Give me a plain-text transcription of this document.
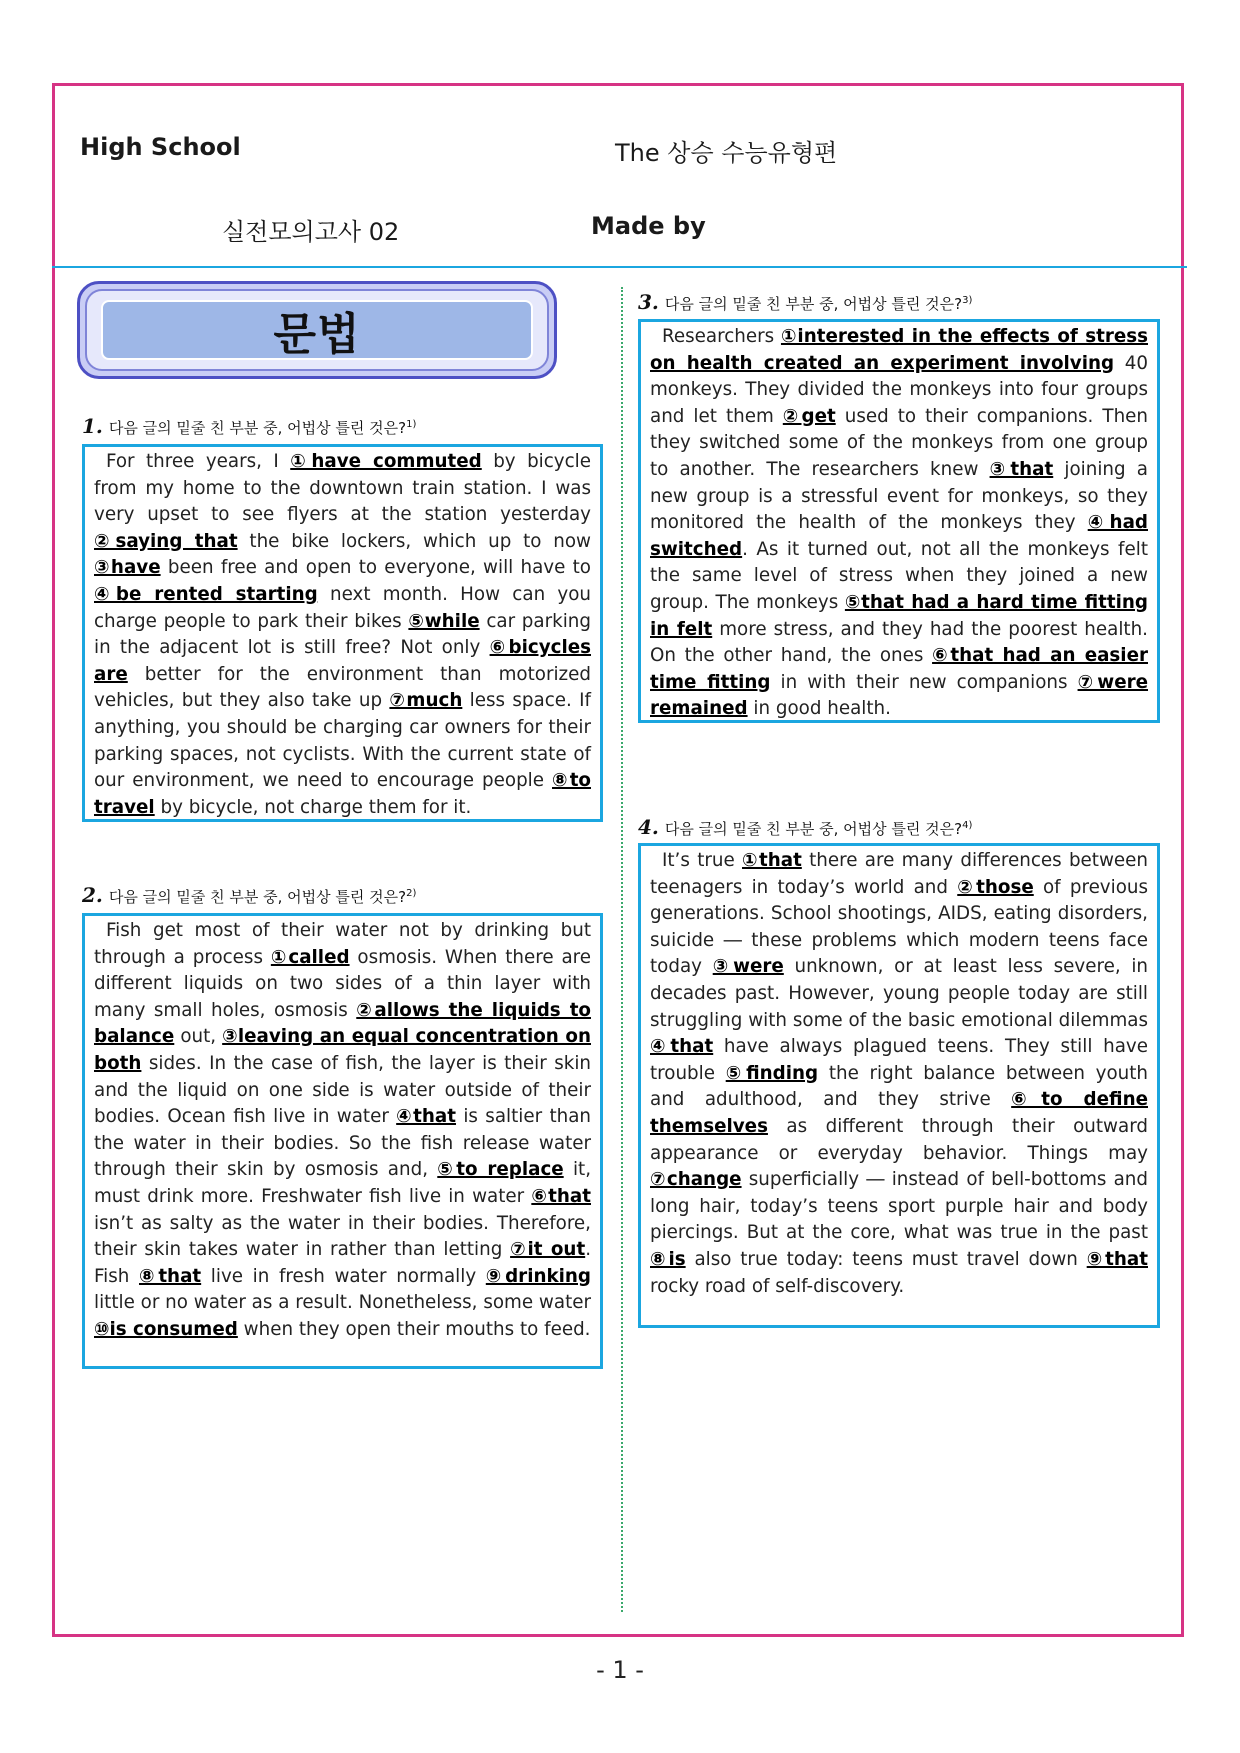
High School	The 상승 수능유형편
실전모의고사 02	Made by
문법
1. 다음 글의 밑줄 친 부분 중, 어법상 틀린 것은?$^{1)}$

For three years, I ①have commuted by bicycle from my home to the downtown train station. I was very upset to see flyers at the station yesterday ②saying that the bike lockers, which up to now ③have been free and open to everyone, will have to ④be rented starting next month. How can you charge people to park their bikes ⑤while car parking in the adjacent lot is still free? Not only ⑥bicycles are better for the environment than motorized vehicles, but they also take up ⑦much less space. If anything, you should be charging car owners for their parking spaces, not cyclists. With the current state of our environment, we need to encourage people ⑧to travel by bicycle, not charge them for it.

2. 다음 글의 밑줄 친 부분 중, 어법상 틀린 것은?$^{2)}$

Fish get most of their water not by drinking but through a process ①called osmosis. When there are different liquids on two sides of a thin layer with many small holes, osmosis ②allows the liquids to balance out, ③leaving an equal concentration on both sides. In the case of fish, the layer is their skin and the liquid on one side is water outside of their bodies. Ocean fish live in water ④that is saltier than the water in their bodies. So the fish release water through their skin by osmosis and, ⑤to replace it, must drink more. Freshwater fish live in water ⑥that isn’t as salty as the water in their bodies. Therefore, their skin takes water in rather than letting ⑦it out. Fish ⑧that live in fresh water normally ⑨drinking little or no water as a result. Nonetheless, some water ⑩is consumed when they open their mouths to feed.

3. 다음 글의 밑줄 친 부분 중, 어법상 틀린 것은?$^{3)}$

Researchers ①interested in the effects of stress on health created an experiment involving 40 monkeys. They divided the monkeys into four groups and let them ②get used to their companions. Then they switched some of the monkeys from one group to another. The researchers knew ③that joining a new group is a stressful event for monkeys, so they monitored the health of the monkeys they ④had switched. As it turned out, not all the monkeys felt the same level of stress when they joined a new group. The monkeys ⑤that had a hard time fitting in felt more stress, and they had the poorest health. On the other hand, the ones ⑥that had an easier time fitting in with their new companions ⑦were remained in good health.

4. 다음 글의 밑줄 친 부분 중, 어법상 틀린 것은?$^{4)}$

It’s true ①that there are many differences between teenagers in today’s world and ②those of previous generations. School shootings, AIDS, eating disorders, suicide ― these problems which modern teens face today ③were unknown, or at least less severe, in decades past. However, young people today are still struggling with some of the basic emotional dilemmas ④that have always plagued teens. They still have trouble ⑤finding the right balance between youth and adulthood, and they strive ⑥to define themselves as different through their outward appearance or everyday behavior. Things may ⑦change superficially ― instead of bell-bottoms and long hair, today’s teens sport purple hair and body piercings. But at the core, what was true in the past ⑧is also true today: teens must travel down ⑨that rocky road of self-discovery.

- 1 -
